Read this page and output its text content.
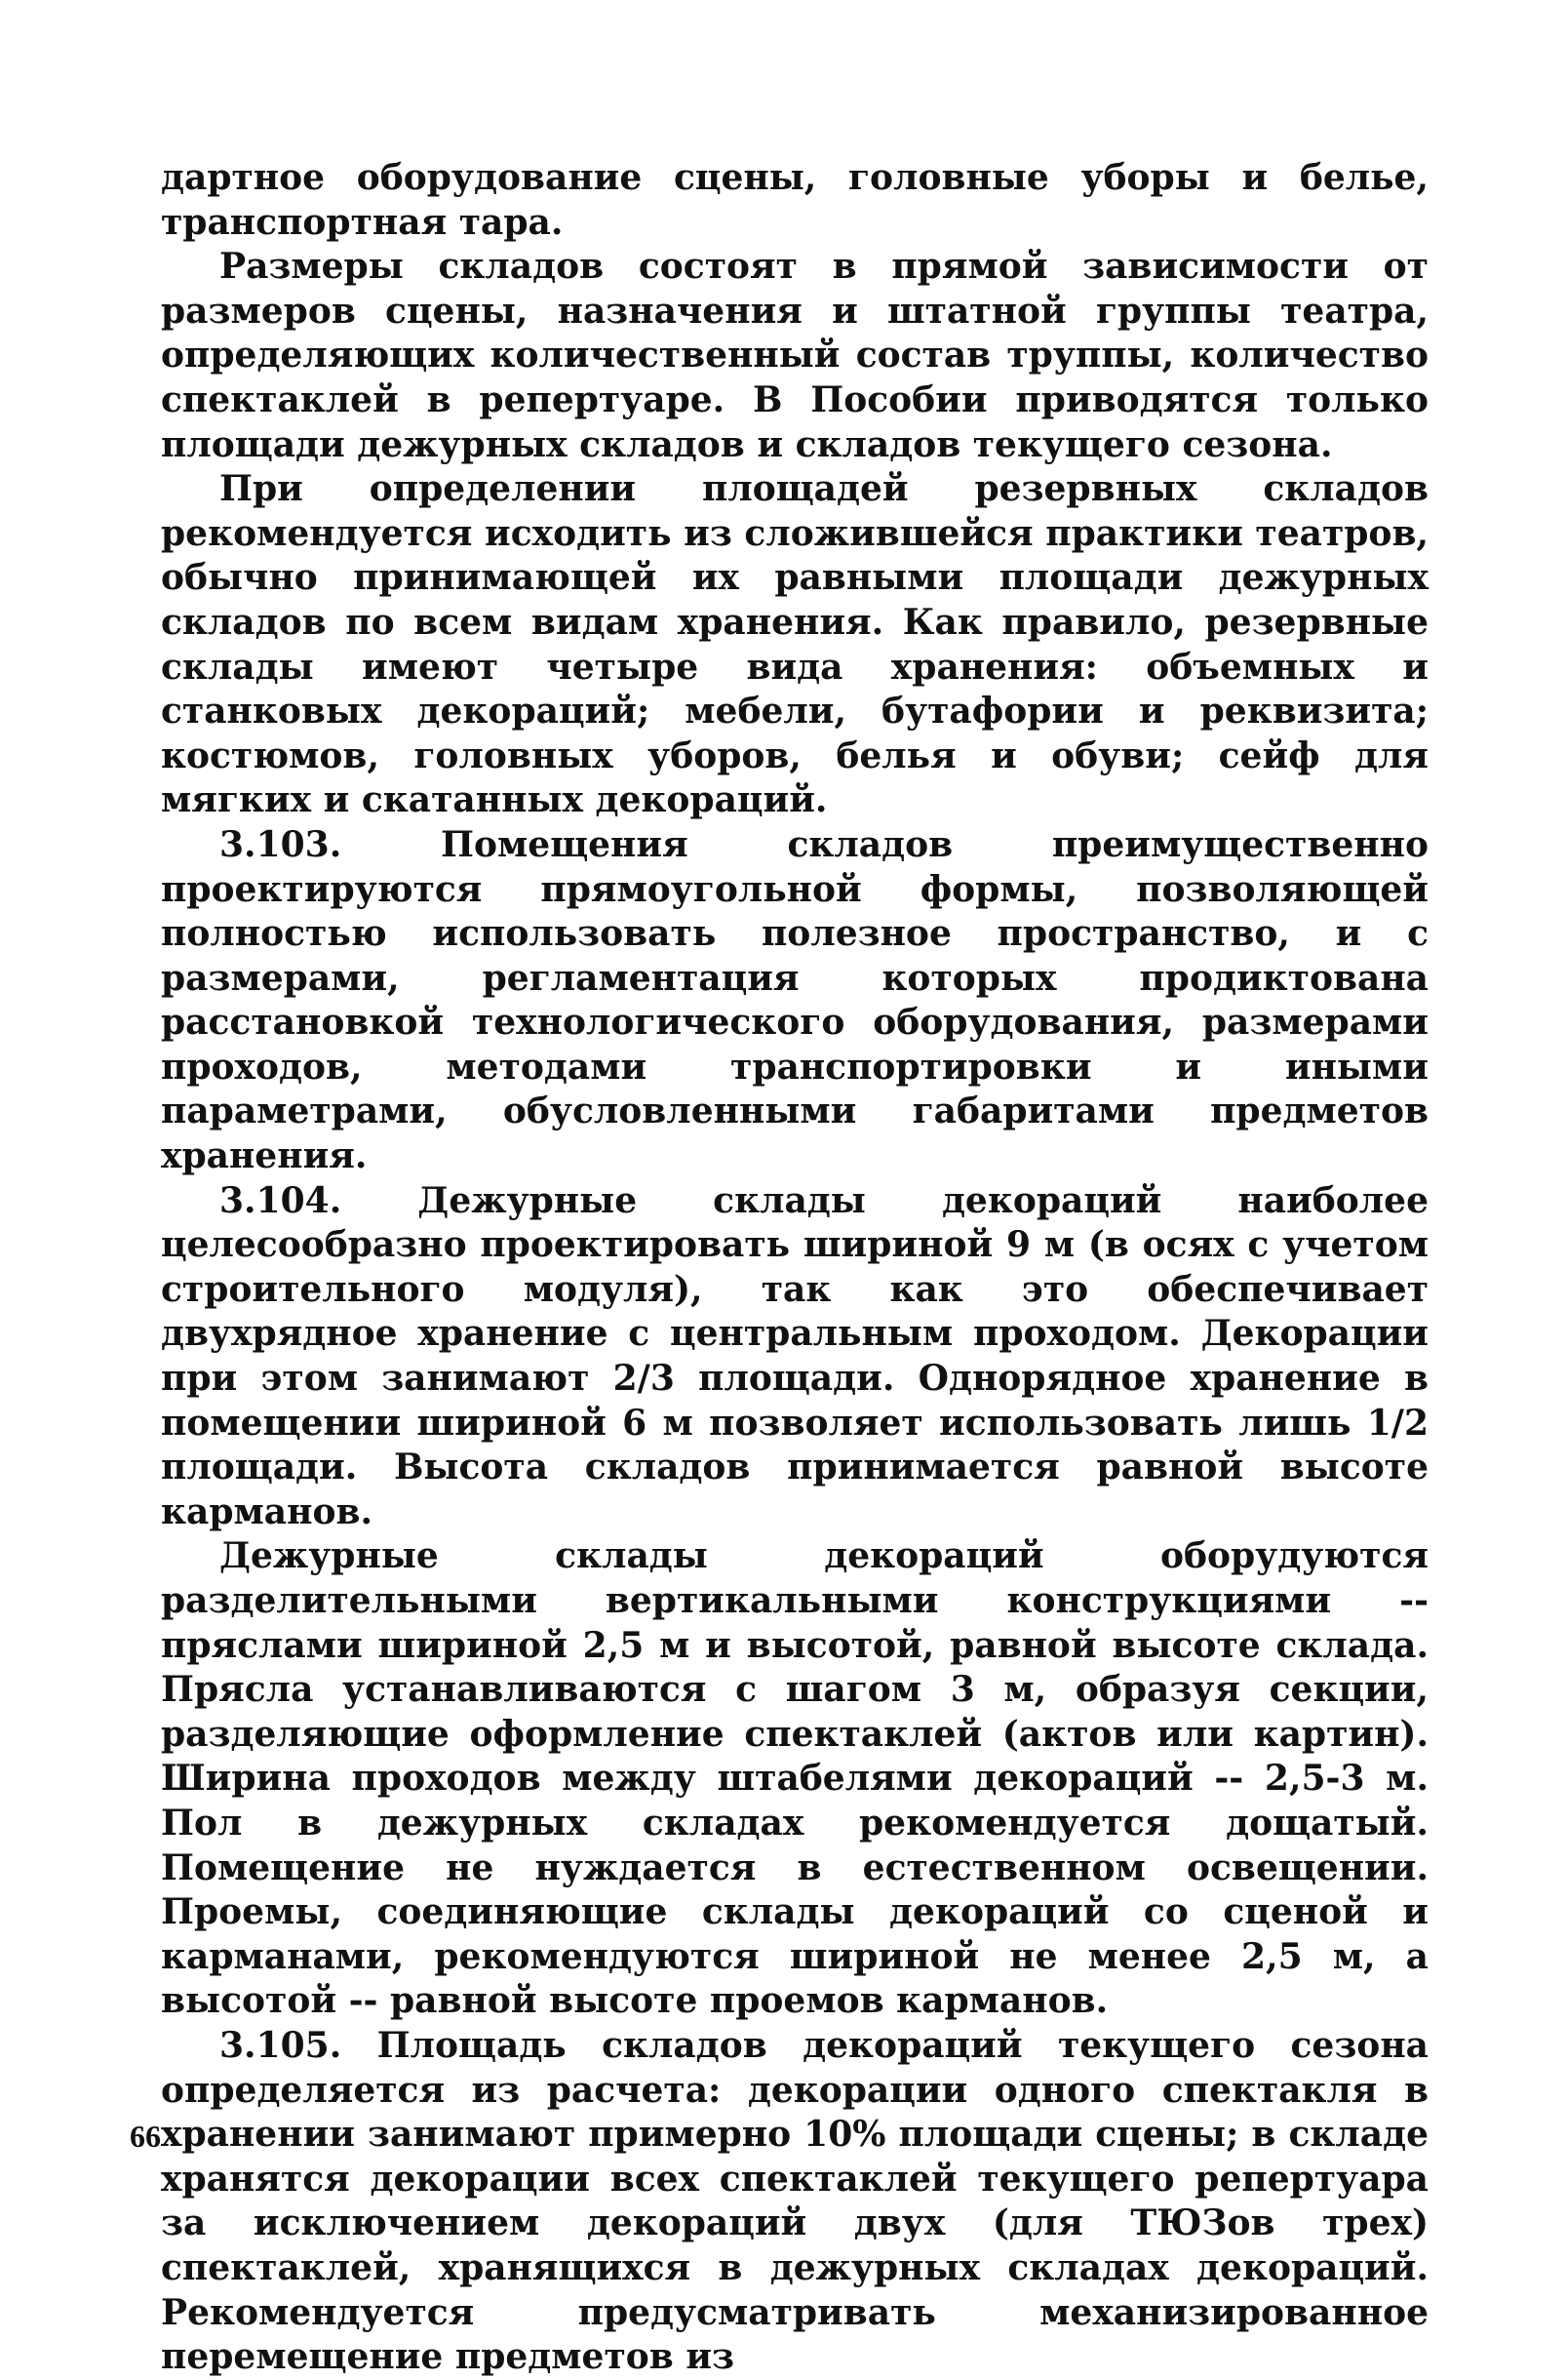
дартное оборудование сцены, головные уборы и белье, транспортная тара.

Размеры складов состоят в прямой зависимости от размеров сцены, назначения и штатной группы театра, определяющих количественный состав труппы, количество спектаклей в репертуаре. В Пособии приводятся только площади дежурных складов и складов текущего сезона.

При определении площадей резервных складов рекомендуется исходить из сложившейся практики театров, обычно принимающей их равными площади дежурных складов по всем видам хранения. Как правило, резервные склады имеют четыре вида хранения: объемных и станковых декораций; мебели, бутафории и реквизита; костюмов, головных уборов, белья и обуви; сейф для мягких и скатанных декораций.

3.103. Помещения складов преимущественно проектируются прямоугольной формы, позволяющей полностью использовать полезное пространство, и с размерами, регламентация которых продиктована расстановкой технологического оборудования, размерами проходов, методами транспортировки и иными параметрами, обусловленными габаритами предметов хранения.

3.104. Дежурные склады декораций наиболее целесообразно проектировать шириной 9 м (в осях с учетом строительного модуля), так как это обеспечивает двухрядное хранение с центральным проходом. Декорации при этом занимают 2/3 площади. Однорядное хранение в помещении шириной 6 м позволяет использовать лишь 1/2 площади. Высота складов принимается равной высоте карманов.

Дежурные склады декораций оборудуются разделительными вертикальными конструкциями -- пряслами шириной 2,5 м и высотой, равной высоте склада. Прясла устанавливаются с шагом 3 м, образуя секции, разделяющие оформление спектаклей (актов или картин). Ширина проходов между штабелями декораций -- 2,5-3 м. Пол в дежурных складах рекомендуется дощатый. Помещение не нуждается в естественном освещении. Проемы, соединяющие склады декораций со сценой и карманами, рекомендуются шириной не менее 2,5 м, а высотой -- равной высоте проемов карманов.

3.105. Площадь складов декораций текущего сезона определяется из расчета: декорации одного спектакля в хранении занимают примерно 10% площади сцены; в складе хранятся декорации всех спектаклей текущего репертуара за исключением декораций двух (для ТЮЗов трех) спектаклей, хранящихся в дежурных складах декораций. Рекомендуется предусматривать механизированное перемещение предметов из

66
